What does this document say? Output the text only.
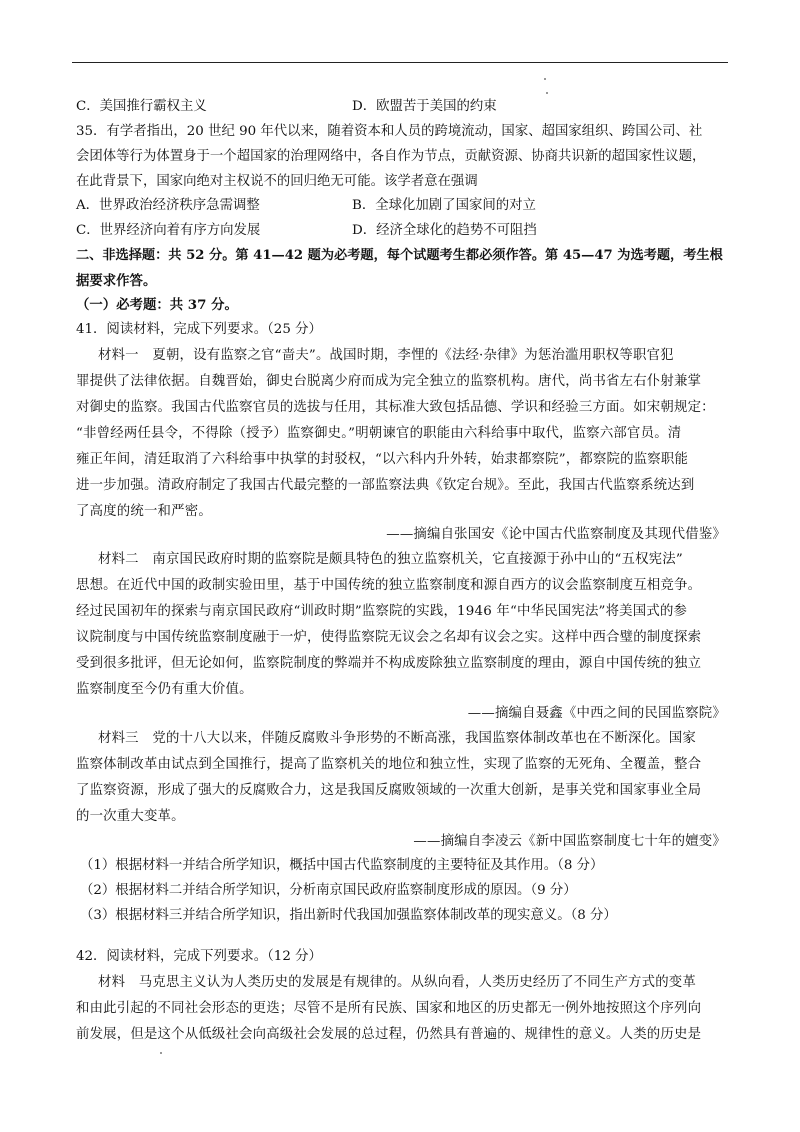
C．美国推行霸权主义	D．欧盟苦于美国的约束
35．有学者指出，20 世纪 90 年代以来，随着资本和人员的跨境流动，国家、超国家组织、跨国公司、社
会团体等行为体置身于一个超国家的治理网络中，各自作为节点，贡献资源、协商共识新的超国家性议题，
在此背景下，国家向绝对主权说不的回归绝无可能。该学者意在强调
A．世界政治经济秩序急需调整	B．全球化加剧了国家间的对立
C．世界经济向着有序方向发展	D．经济全球化的趋势不可阻挡
二、非选择题：共 52 分。第 41—42 题为必考题，每个试题考生都必须作答。第 45—47 为选考题，考生根
据要求作答。
（一）必考题：共 37 分。
41．阅读材料，完成下列要求。（25 分）
材料一　夏朝，设有监察之官“啬夫”。战国时期，李悝的《法经·杂律》为惩治滥用职权等职官犯
罪提供了法律依据。自魏晋始，御史台脱离少府而成为完全独立的监察机构。唐代，尚书省左右仆射兼掌
对御史的监察。我国古代监察官员的选拔与任用，其标准大致包括品德、学识和经验三方面。如宋朝规定：
“非曾经两任县令，不得除（授予）监察御史。”明朝谏官的职能由六科给事中取代，监察六部官员。清
雍正年间，清廷取消了六科给事中执掌的封驳权，“以六科内升外转，始隶都察院”，都察院的监察职能
进一步加强。清政府制定了我国古代最完整的一部监察法典《钦定台规》。至此，我国古代监察系统达到
了高度的统一和严密。
——摘编自张国安《论中国古代监察制度及其现代借鉴》
材料二　南京国民政府时期的监察院是颇具特色的独立监察机关，它直接源于孙中山的“五权宪法”
思想。在近代中国的政制实验田里，基于中国传统的独立监察制度和源自西方的议会监察制度互相竞争。
经过民国初年的探索与南京国民政府“训政时期”监察院的实践，1946 年“中华民国宪法”将美国式的参
议院制度与中国传统监察制度融于一炉，使得监察院无议会之名却有议会之实。这样中西合璧的制度探索
受到很多批评，但无论如何，监察院制度的弊端并不构成废除独立监察制度的理由，源自中国传统的独立
监察制度至今仍有重大价值。
——摘编自聂鑫《中西之间的民国监察院》
材料三　党的十八大以来，伴随反腐败斗争形势的不断高涨，我国监察体制改革也在不断深化。国家
监察体制改革由试点到全国推行，提高了监察机关的地位和独立性，实现了监察的无死角、全覆盖，整合
了监察资源，形成了强大的反腐败合力，这是我国反腐败领域的一次重大创新，是事关党和国家事业全局
的一次重大变革。
——摘编自李凌云《新中国监察制度七十年的嬗变》
（1）根据材料一并结合所学知识，概括中国古代监察制度的主要特征及其作用。（8 分）
（2）根据材料二并结合所学知识，分析南京国民政府监察制度形成的原因。（9 分）
（3）根据材料三并结合所学知识，指出新时代我国加强监察体制改革的现实意义。（8 分）
42．阅读材料，完成下列要求。（12 分）
材料　马克思主义认为人类历史的发展是有规律的。从纵向看，人类历史经历了不同生产方式的变革
和由此引起的不同社会形态的更迭；尽管不是所有民族、国家和地区的历史都无一例外地按照这个序列向
前发展，但是这个从低级社会向高级社会发展的总过程，仍然具有普遍的、规律性的意义。人类的历史是
